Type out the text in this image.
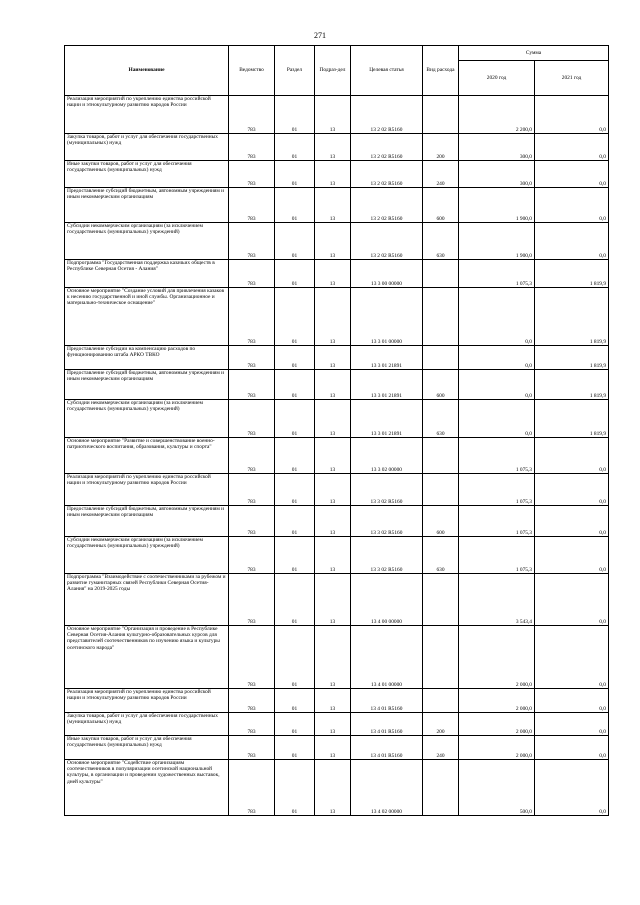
271
Наименование	Ведомство	Раздел	Подраз-дел	Целевая статья	Вид расхода	Сумма	
						2020 год	2021 год
Реализация мероприятий по укреплению единства российской нации и этнокультурному развитию народов России	783	01	13	13 2 02 R5160		2 200,0	0,0
Закупка товаров, работ и услуг для обеспечения государственных (муниципальных) нужд	783	01	13	13 2 02 R5160	200	300,0	0,0
Иные закупки товаров, работ и услуг для обеспечения государственных (муниципальных) нужд	783	01	13	13 2 02 R5160	240	300,0	0,0
Предоставление субсидий бюджетным, автономным учреждениям и иным некоммерческим организациям	783	01	13	13 2 02 R5160	600	1 900,0	0,0
Субсидии некоммерческим организациям (за исключением государственных (муниципальных) учреждений)	783	01	13	13 2 02 R5160	630	1 900,0	0,0
Подпрограмма "Государственная поддержка казачьих обществ в Республике Северная Осетия - Алания"	783	01	13	13 3 00 00000		1 075,3	1 819,9
Основное мероприятие "Создание условий для привлечения казаков к несению государственной и иной службы. Организационное и материально-техническое оснащение"	783	01	13	13 3 01 00000		0,0	1 819,9
Предоставление субсидии на компенсацию расходов по функционированию штаба АРКО ТВКО	783	01	13	13 3 01 21891		0,0	1 819,9
Предоставление субсидий бюджетным, автономным учреждениям и иным некоммерческим организациям	783	01	13	13 3 01 21891	600	0,0	1 819,9
Субсидии некоммерческим организациям (за исключением государственных (муниципальных) учреждений)	783	01	13	13 3 01 21891	630	0,0	1 819,9
Основное мероприятие "Развитие и совершенствование военно-патриотического воспитания, образования, культуры и спорта"	783	01	13	13 3 02 00000		1 075,3	0,0
Реализация мероприятий по укреплению единства российской нации и этнокультурному развитию народов России	783	01	13	13 3 02 R5160		1 075,3	0,0
Предоставление субсидий бюджетным, автономным учреждениям и иным некоммерческим организациям	783	01	13	13 3 02 R5160	600	1 075,3	0,0
Субсидии некоммерческим организациям (за исключением государственных (муниципальных) учреждений)	783	01	13	13 3 02 R5160	630	1 075,3	0,0
Подпрограмма "Взаимодействие с соотечественниками за рубежом и развитие гуманитарных связей Республики Северная Осетия-Алания" на 2019-2025 годы	783	01	13	13 4 00 00000		3 543,4	0,0
Основное мероприятие "Организация и проведение в Республике Северная Осетия-Алания культурно-образовательных курсов для представителей соотечественников по изучению языка и культуры осетинского народа"	783	01	13	13 4 01 00000		2 000,0	0,0
Реализация мероприятий по укреплению единства российской нации и этнокультурному развитию народов России	783	01	13	13 4 01 R5160		2 000,0	0,0
Закупка товаров, работ и услуг для обеспечения государственных (муниципальных) нужд	783	01	13	13 4 01 R5160	200	2 000,0	0,0
Иные закупки товаров, работ и услуг для обеспечения государственных (муниципальных) нужд	783	01	13	13 4 01 R5160	240	2 000,0	0,0
Основное мероприятие "Содействие организациям соотечественников в популяризации осетинской национальной культуры, в организации и проведении художественных выставок, дней культуры"	783	01	13	13 4 02 00000		500,0	0,0
